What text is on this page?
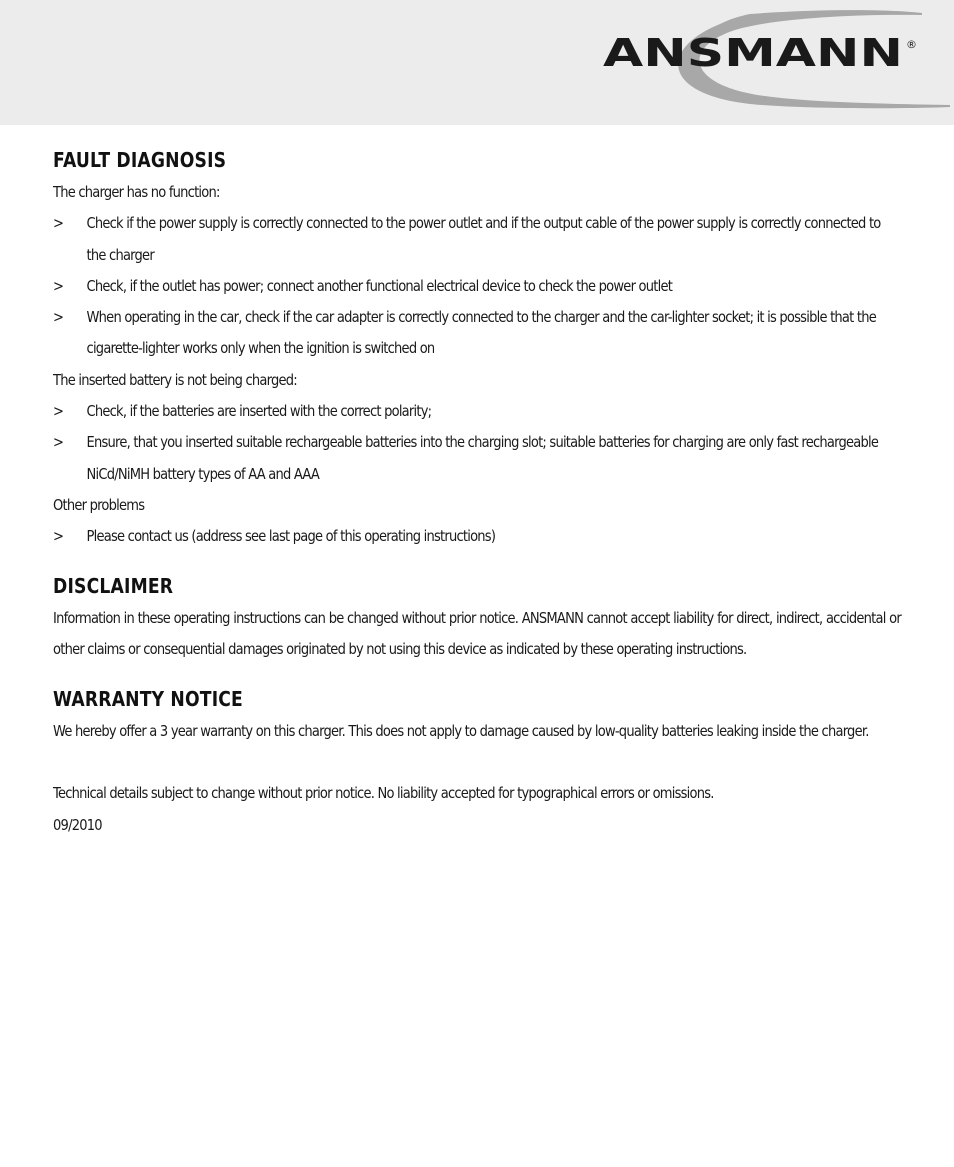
ANSMANN ®
FAULT DIAGNOSIS

The charger has no function:

> Check if the power supply is correctly connected to the power outlet and if the output cable of the power supply is correctly connected to the charger
> Check, if the outlet has power; connect another functional electrical device to check the power outlet
> When operating in the car, check if the car adapter is correctly connected to the charger and the car-lighter socket; it is possible that the cigarette-lighter works only when the ignition is switched on

The inserted battery is not being charged:

> Check, if the batteries are inserted with the correct polarity;
> Ensure, that you inserted suitable rechargeable batteries into the charging slot; suitable batteries for charging are only fast rechargeable NiCd/NiMH battery types of AA and AAA

Other problems

> Please contact us (address see last page of this operating instructions)
DISCLAIMER

Information in these operating instructions can be changed without prior notice. ANSMANN cannot accept liability for direct, indirect, accidental or other claims or consequential damages originated by not using this device as indicated by these operating instructions.

WARRANTY NOTICE

We hereby offer a 3 year warranty on this charger. This does not apply to damage caused by low-quality batteries leaking inside the charger.

Technical details subject to change without prior notice. No liability accepted for typographical errors or omissions.

09/2010
